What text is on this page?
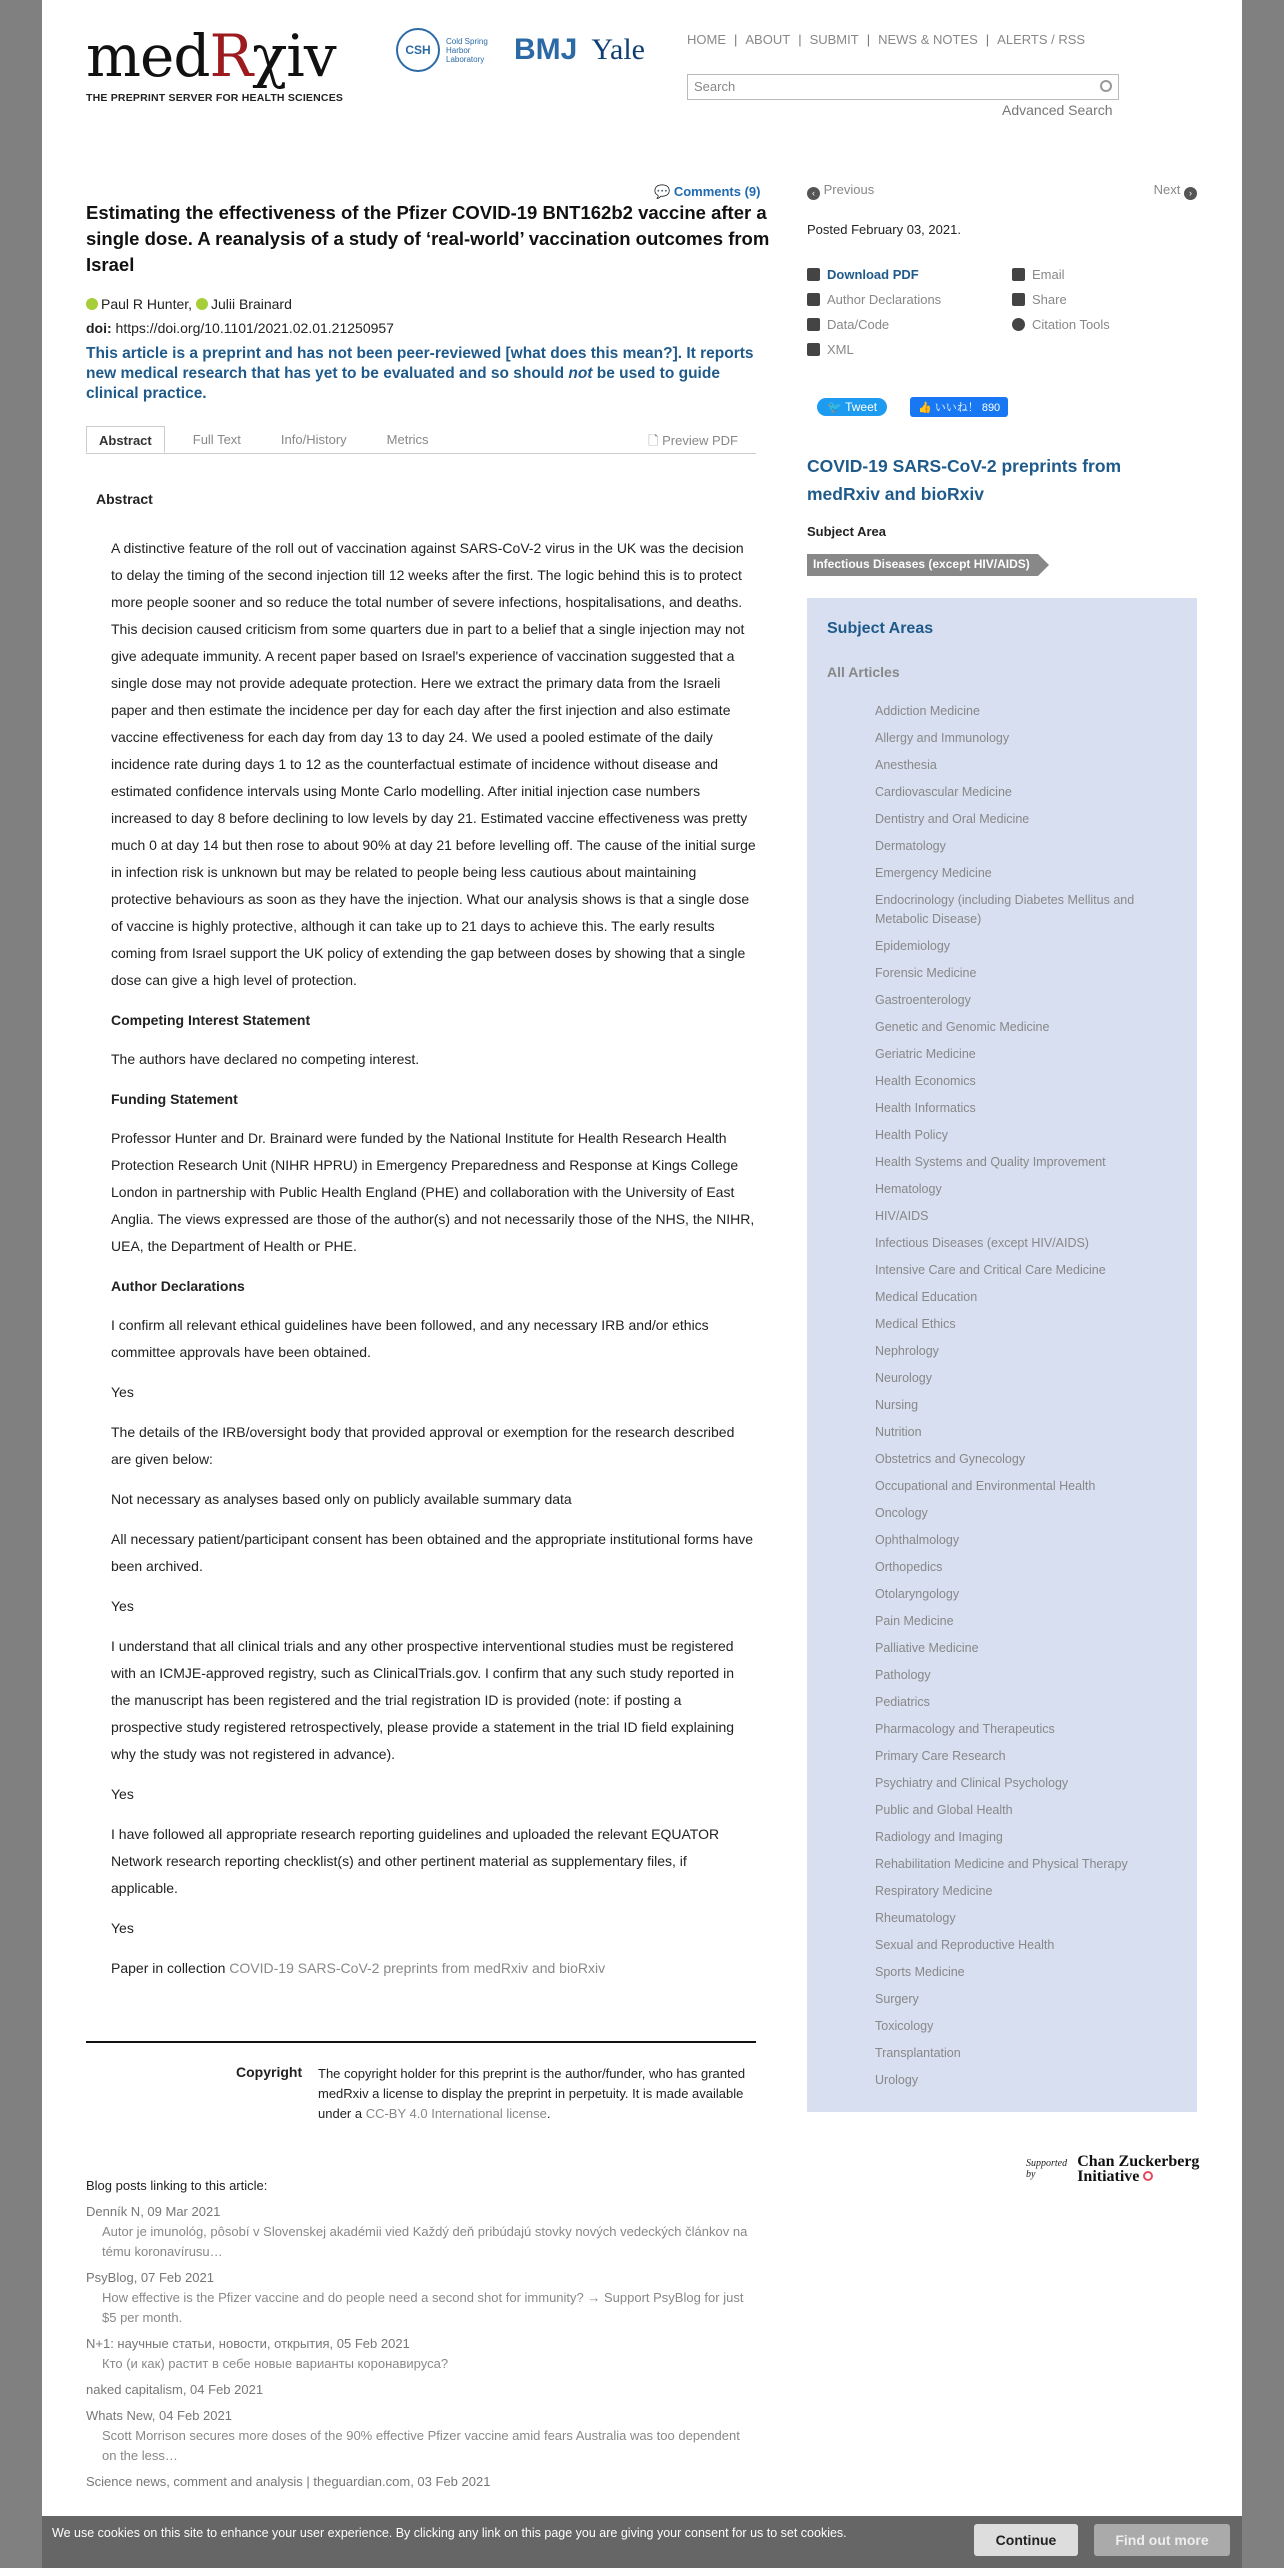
medRχiv
THE PREPRINT SERVER FOR HEALTH SCIENCES
CSH
Cold Spring Harbor Laboratory BMJ Yale	HOME | ABOUT | SUBMIT | NEWS & NOTES | ALERTS / RSS
Search
Advanced Search
💬 Comments (9)
Estimating the effectiveness of the Pfizer COVID-19 BNT162b2 vaccine after a single dose. A reanalysis of a study of ‘real-world’ vaccination outcomes from Israel
Paul R Hunter, Julii Brainard
doi: https://doi.org/10.1101/2021.02.01.21250957
This article is a preprint and has not been peer-reviewed [what does this mean?]. It reports new medical research that has yet to be evaluated and so should not be used to guide clinical practice.
Abstract	Full Text	Info/History	Metrics	🗋 Preview PDF
Abstract

A distinctive feature of the roll out of vaccination against SARS-CoV-2 virus in the UK was the decision to delay the timing of the second injection till 12 weeks after the first. The logic behind this is to protect more people sooner and so reduce the total number of severe infections, hospitalisations, and deaths. This decision caused criticism from some quarters due in part to a belief that a single injection may not give adequate immunity. A recent paper based on Israel's experience of vaccination suggested that a single dose may not provide adequate protection. Here we extract the primary data from the Israeli paper and then estimate the incidence per day for each day after the first injection and also estimate vaccine effectiveness for each day from day 13 to day 24. We used a pooled estimate of the daily incidence rate during days 1 to 12 as the counterfactual estimate of incidence without disease and estimated confidence intervals using Monte Carlo modelling. After initial injection case numbers increased to day 8 before declining to low levels by day 21. Estimated vaccine effectiveness was pretty much 0 at day 14 but then rose to about 90% at day 21 before levelling off. The cause of the initial surge in infection risk is unknown but may be related to people being less cautious about maintaining protective behaviours as soon as they have the injection. What our analysis shows is that a single dose of vaccine is highly protective, although it can take up to 21 days to achieve this. The early results coming from Israel support the UK policy of extending the gap between doses by showing that a single dose can give a high level of protection.

Competing Interest Statement

The authors have declared no competing interest.

Funding Statement

Professor Hunter and Dr. Brainard were funded by the National Institute for Health Research Health Protection Research Unit (NIHR HPRU) in Emergency Preparedness and Response at Kings College London in partnership with Public Health England (PHE) and collaboration with the University of East Anglia. The views expressed are those of the author(s) and not necessarily those of the NHS, the NIHR, UEA, the Department of Health or PHE.

Author Declarations

I confirm all relevant ethical guidelines have been followed, and any necessary IRB and/or ethics committee approvals have been obtained.

Yes

The details of the IRB/oversight body that provided approval or exemption for the research described are given below:

Not necessary as analyses based only on publicly available summary data

All necessary patient/participant consent has been obtained and the appropriate institutional forms have been archived.

Yes

I understand that all clinical trials and any other prospective interventional studies must be registered with an ICMJE-approved registry, such as ClinicalTrials.gov. I confirm that any such study reported in the manuscript has been registered and the trial registration ID is provided (note: if posting a prospective study registered retrospectively, please provide a statement in the trial ID field explaining why the study was not registered in advance).

Yes

I have followed all appropriate research reporting guidelines and uploaded the relevant EQUATOR Network research reporting checklist(s) and other pertinent material as supplementary files, if applicable.

Yes

Paper in collection COVID-19 SARS-CoV-2 preprints from medRxiv and bioRxiv

Copyright The copyright holder for this preprint is the author/funder, who has granted medRxiv a license to display the preprint in perpetuity. It is made available under a CC-BY 4.0 International license.
Blog posts linking to this article:
Denník N, 09 Mar 2021
Autor je imunológ, pôsobí v Slovenskej akadémii vied Každý deň pribúdajú stovky nových vedeckých článkov na tému koronavírusu…
PsyBlog, 07 Feb 2021
How effective is the Pfizer vaccine and do people need a second shot for immunity? → Support PsyBlog for just $5 per month.
N+1: научные статьи, новости, открытия, 05 Feb 2021
Кто (и как) растит в себе новые варианты коронавируса?
naked capitalism, 04 Feb 2021
Whats New, 04 Feb 2021
Scott Morrison secures more doses of the 90% effective Pfizer vaccine amid fears Australia was too dependent on the less…
Science news, comment and analysis | theguardian.com, 03 Feb 2021
‹ Previous	Next ›
Posted February 03, 2021.
Download PDF
Author Declarations
Data/Code
XML
Email
Share
Citation Tools
🐦 Tweet	👍 いいね！ 890
COVID-19 SARS-CoV-2 preprints from medRxiv and bioRxiv
Subject Area
Infectious Diseases (except HIV/AIDS)
Subject Areas
All Articles
Addiction Medicine
Allergy and Immunology
Anesthesia
Cardiovascular Medicine
Dentistry and Oral Medicine
Dermatology
Emergency Medicine
Endocrinology (including Diabetes Mellitus and Metabolic Disease)
Epidemiology
Forensic Medicine
Gastroenterology
Genetic and Genomic Medicine
Geriatric Medicine
Health Economics
Health Informatics
Health Policy
Health Systems and Quality Improvement
Hematology
HIV/AIDS
Infectious Diseases (except HIV/AIDS)
Intensive Care and Critical Care Medicine
Medical Education
Medical Ethics
Nephrology
Neurology
Nursing
Nutrition
Obstetrics and Gynecology
Occupational and Environmental Health
Oncology
Ophthalmology
Orthopedics
Otolaryngology
Pain Medicine
Palliative Medicine
Pathology
Pediatrics
Pharmacology and Therapeutics
Primary Care Research
Psychiatry and Clinical Psychology
Public and Global Health
Radiology and Imaging
Rehabilitation Medicine and Physical Therapy
Respiratory Medicine
Rheumatology
Sexual and Reproductive Health
Sports Medicine
Surgery
Toxicology
Transplantation
Urology
Supported by
Chan Zuckerberg Initiative
We use cookies on this site to enhance your user experience. By clicking any link on this page you are giving your consent for us to set cookies.	Continue	Find out more
